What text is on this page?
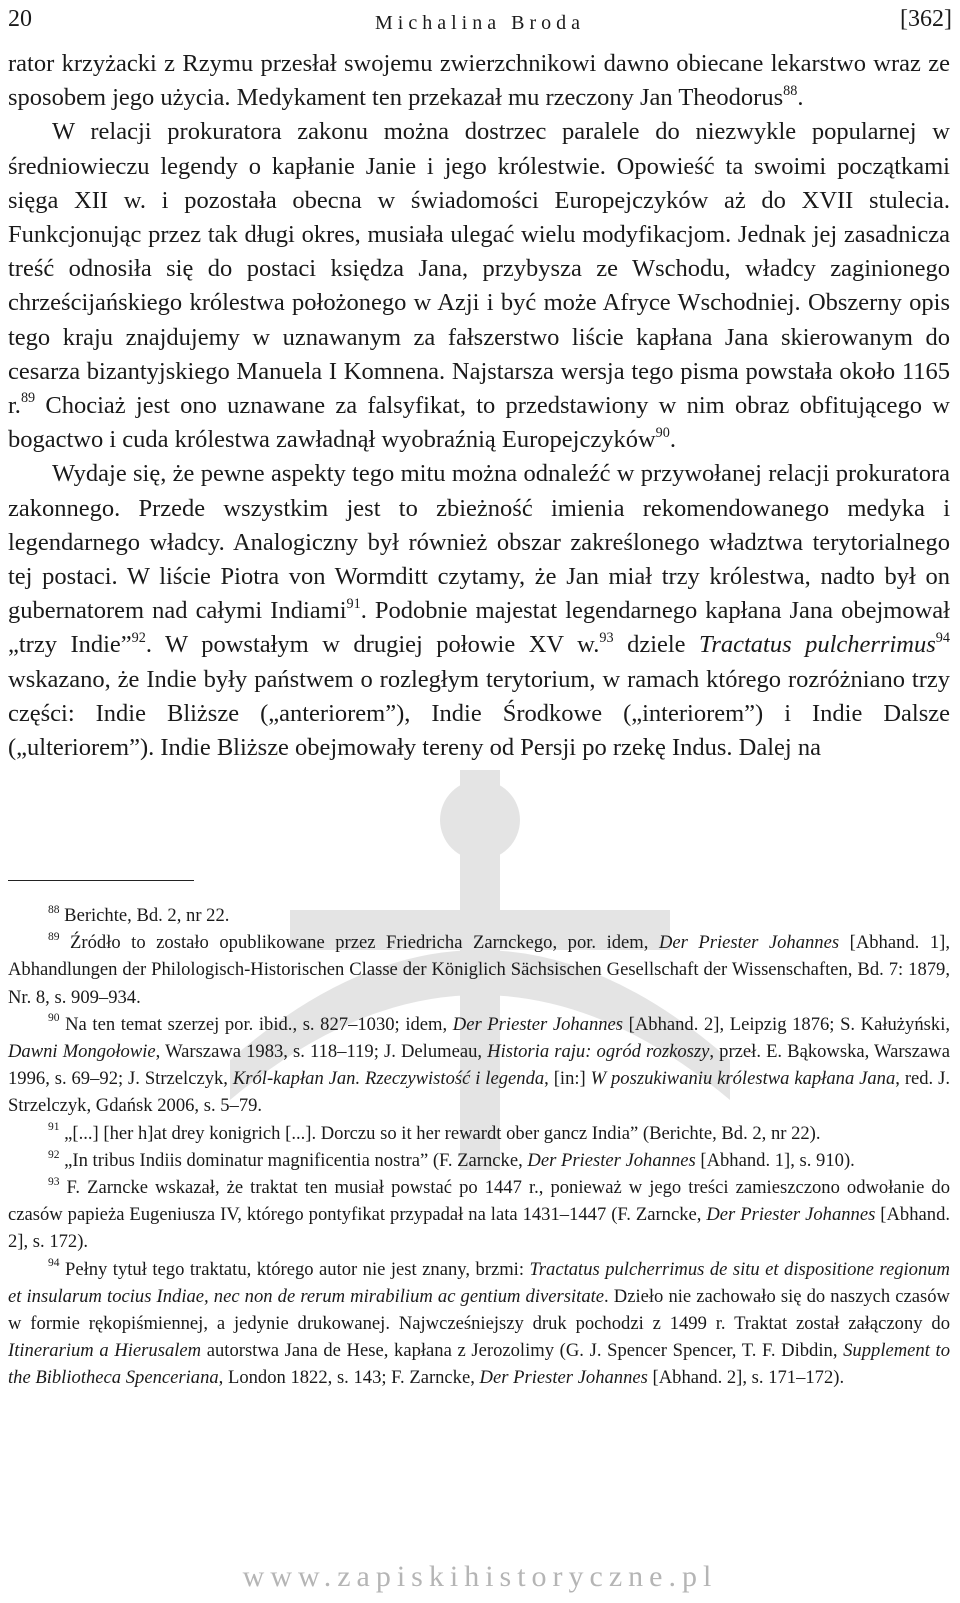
20	Michalina Broda	[362]

rator krzyżacki z Rzymu przesłał swojemu zwierzchnikowi dawno obiecane lekarstwo wraz ze sposobem jego użycia. Medykament ten przekazał mu rzeczony Jan Theodorus$^{88}$.

W relacji prokuratora zakonu można dostrzec paralele do niezwykle popularnej w średniowieczu legendy o kapłanie Janie i jego królestwie. Opowieść ta swoimi początkami sięga XII w. i pozostała obecna w świadomości Europejczyków aż do XVII stulecia. Funkcjonując przez tak długi okres, musiała ulegać wielu modyfikacjom. Jednak jej zasadnicza treść odnosiła się do postaci księdza Jana, przybysza ze Wschodu, władcy zaginionego chrześcijańskiego królestwa położonego w Azji i być może Afryce Wschodniej. Obszerny opis tego kraju znajdujemy w uznawanym za fałszerstwo liście kapłana Jana skierowanym do cesarza bizantyjskiego Manuela I Komnena. Najstarsza wersja tego pisma powstała około 1165 r.$^{89}$ Chociaż jest ono uznawane za falsyfikat, to przedstawiony w nim obraz obfitującego w bogactwo i cuda królestwa zawładnął wyobraźnią Europejczyków$^{90}$.

Wydaje się, że pewne aspekty tego mitu można odnaleźć w przywołanej relacji prokuratora zakonnego. Przede wszystkim jest to zbieżność imienia rekomendowanego medyka i legendarnego władcy. Analogiczny był również obszar zakreślonego władztwa terytorialnego tej postaci. W liście Piotra von Wormditt czytamy, że Jan miał trzy królestwa, nadto był on gubernatorem nad całymi Indiami$^{91}$. Podobnie majestat legendarnego kapłana Jana obejmował „trzy Indie”$^{92}$. W powstałym w drugiej połowie XV w.$^{93}$ dziele Tractatus pulcherrimus$^{94}$ wskazano, że Indie były państwem o rozległym terytorium, w ramach którego rozróżniano trzy części: Indie Bliższe („anteriorem”), Indie Środkowe („interiorem”) i Indie Dalsze („ulteriorem”). Indie Bliższe obejmowały tereny od Persji po rzekę Indus. Dalej na

$^{88}$ Berichte, Bd. 2, nr 22.

$^{89}$ Źródło to zostało opublikowane przez Friedricha Zarnckego, por. idem, Der Priester Johannes [Abhand. 1], Abhandlungen der Philologisch-Historischen Classe der Königlich Sächsischen Gesellschaft der Wissenschaften, Bd. 7: 1879, Nr. 8, s. 909–934.

$^{90}$ Na ten temat szerzej por. ibid., s. 827–1030; idem, Der Priester Johannes [Abhand. 2], Leipzig 1876; S. Kałużyński, Dawni Mongołowie, Warszawa 1983, s. 118–119; J. Delumeau, Historia raju: ogród rozkoszy, przeł. E. Bąkowska, Warszawa 1996, s. 69–92; J. Strzelczyk, Król-kapłan Jan. Rzeczywistość i legenda, [in:] W poszukiwaniu królestwa kapłana Jana, red. J. Strzelczyk, Gdańsk 2006, s. 5–79.

$^{91}$ „[...] [her h]at drey konigrich [...]. Dorczu so it her rewardt ober gancz India” (Berichte, Bd. 2, nr 22).

$^{92}$ „In tribus Indiis dominatur magnificentia nostra” (F. Zarncke, Der Priester Johannes [Abhand. 1], s. 910).

$^{93}$ F. Zarncke wskazał, że traktat ten musiał powstać po 1447 r., ponieważ w jego treści zamieszczono odwołanie do czasów papieża Eugeniusza IV, którego pontyfikat przypadał na lata 1431–1447 (F. Zarncke, Der Priester Johannes [Abhand. 2], s. 172).

$^{94}$ Pełny tytuł tego traktatu, którego autor nie jest znany, brzmi: Tractatus pulcherrimus de situ et dispositione regionum et insularum tocius Indiae, nec non de rerum mirabilium ac gentium diversitate. Dzieło nie zachowało się do naszych czasów w formie rękopiśmiennej, a jedynie drukowanej. Najwcześniejszy druk pochodzi z 1499 r. Traktat został załączony do Itinerarium a Hierusalem autorstwa Jana de Hese, kapłana z Jerozolimy (G. J. Spencer Spencer, T. F. Dibdin, Supplement to the Bibliotheca Spenceriana, London 1822, s. 143; F. Zarncke, Der Priester Johannes [Abhand. 2], s. 171–172).

www.zapiskihistoryczne.pl
